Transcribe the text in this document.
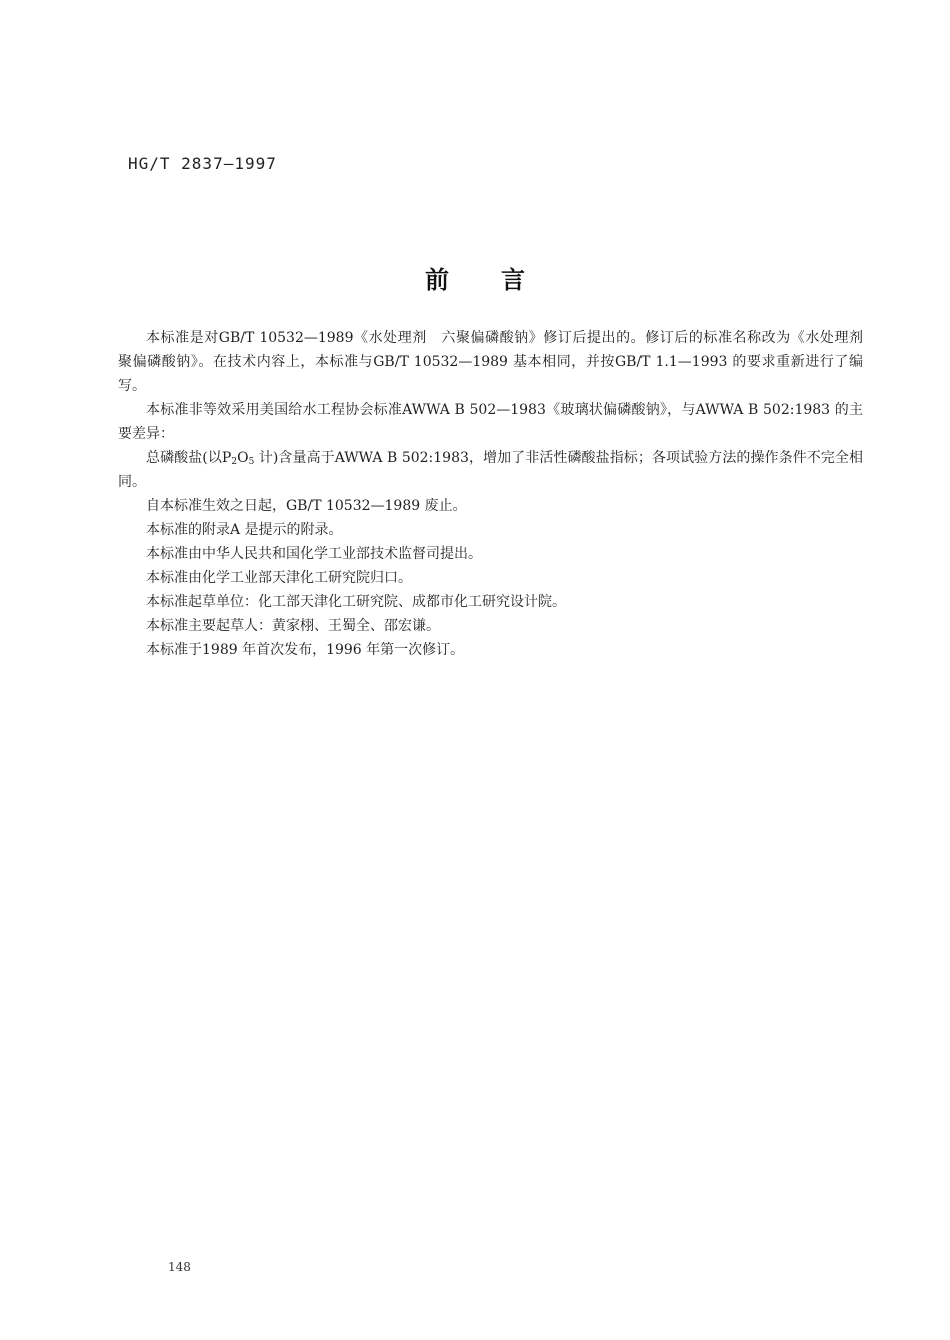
HG/T 2837—1997
前言

本标准是对GB/T 10532—1989《水处理剂　六聚偏磷酸钠》修订后提出的。修订后的标准名称改为《水处理剂　聚偏磷酸钠》。在技术内容上，本标准与GB/T 10532—1989 基本相同，并按GB/T 1.1—1993 的要求重新进行了编写。

本标准非等效采用美国给水工程协会标准AWWA B 502—1983《玻璃状偏磷酸钠》，与AWWA B 502:1983 的主要差异：

总磷酸盐(以$P_2O_5$ 计)含量高于AWWA B 502:1983，增加了非活性磷酸盐指标；各项试验方法的操作条件不完全相同。

自本标准生效之日起，GB/T 10532—1989 废止。

本标准的附录A 是提示的附录。

本标准由中华人民共和国化学工业部技术监督司提出。

本标准由化学工业部天津化工研究院归口。

本标准起草单位：化工部天津化工研究院、成都市化工研究设计院。

本标准主要起草人：黄家栩、王蜀全、邵宏谦。

本标准于1989 年首次发布，1996 年第一次修订。

148
